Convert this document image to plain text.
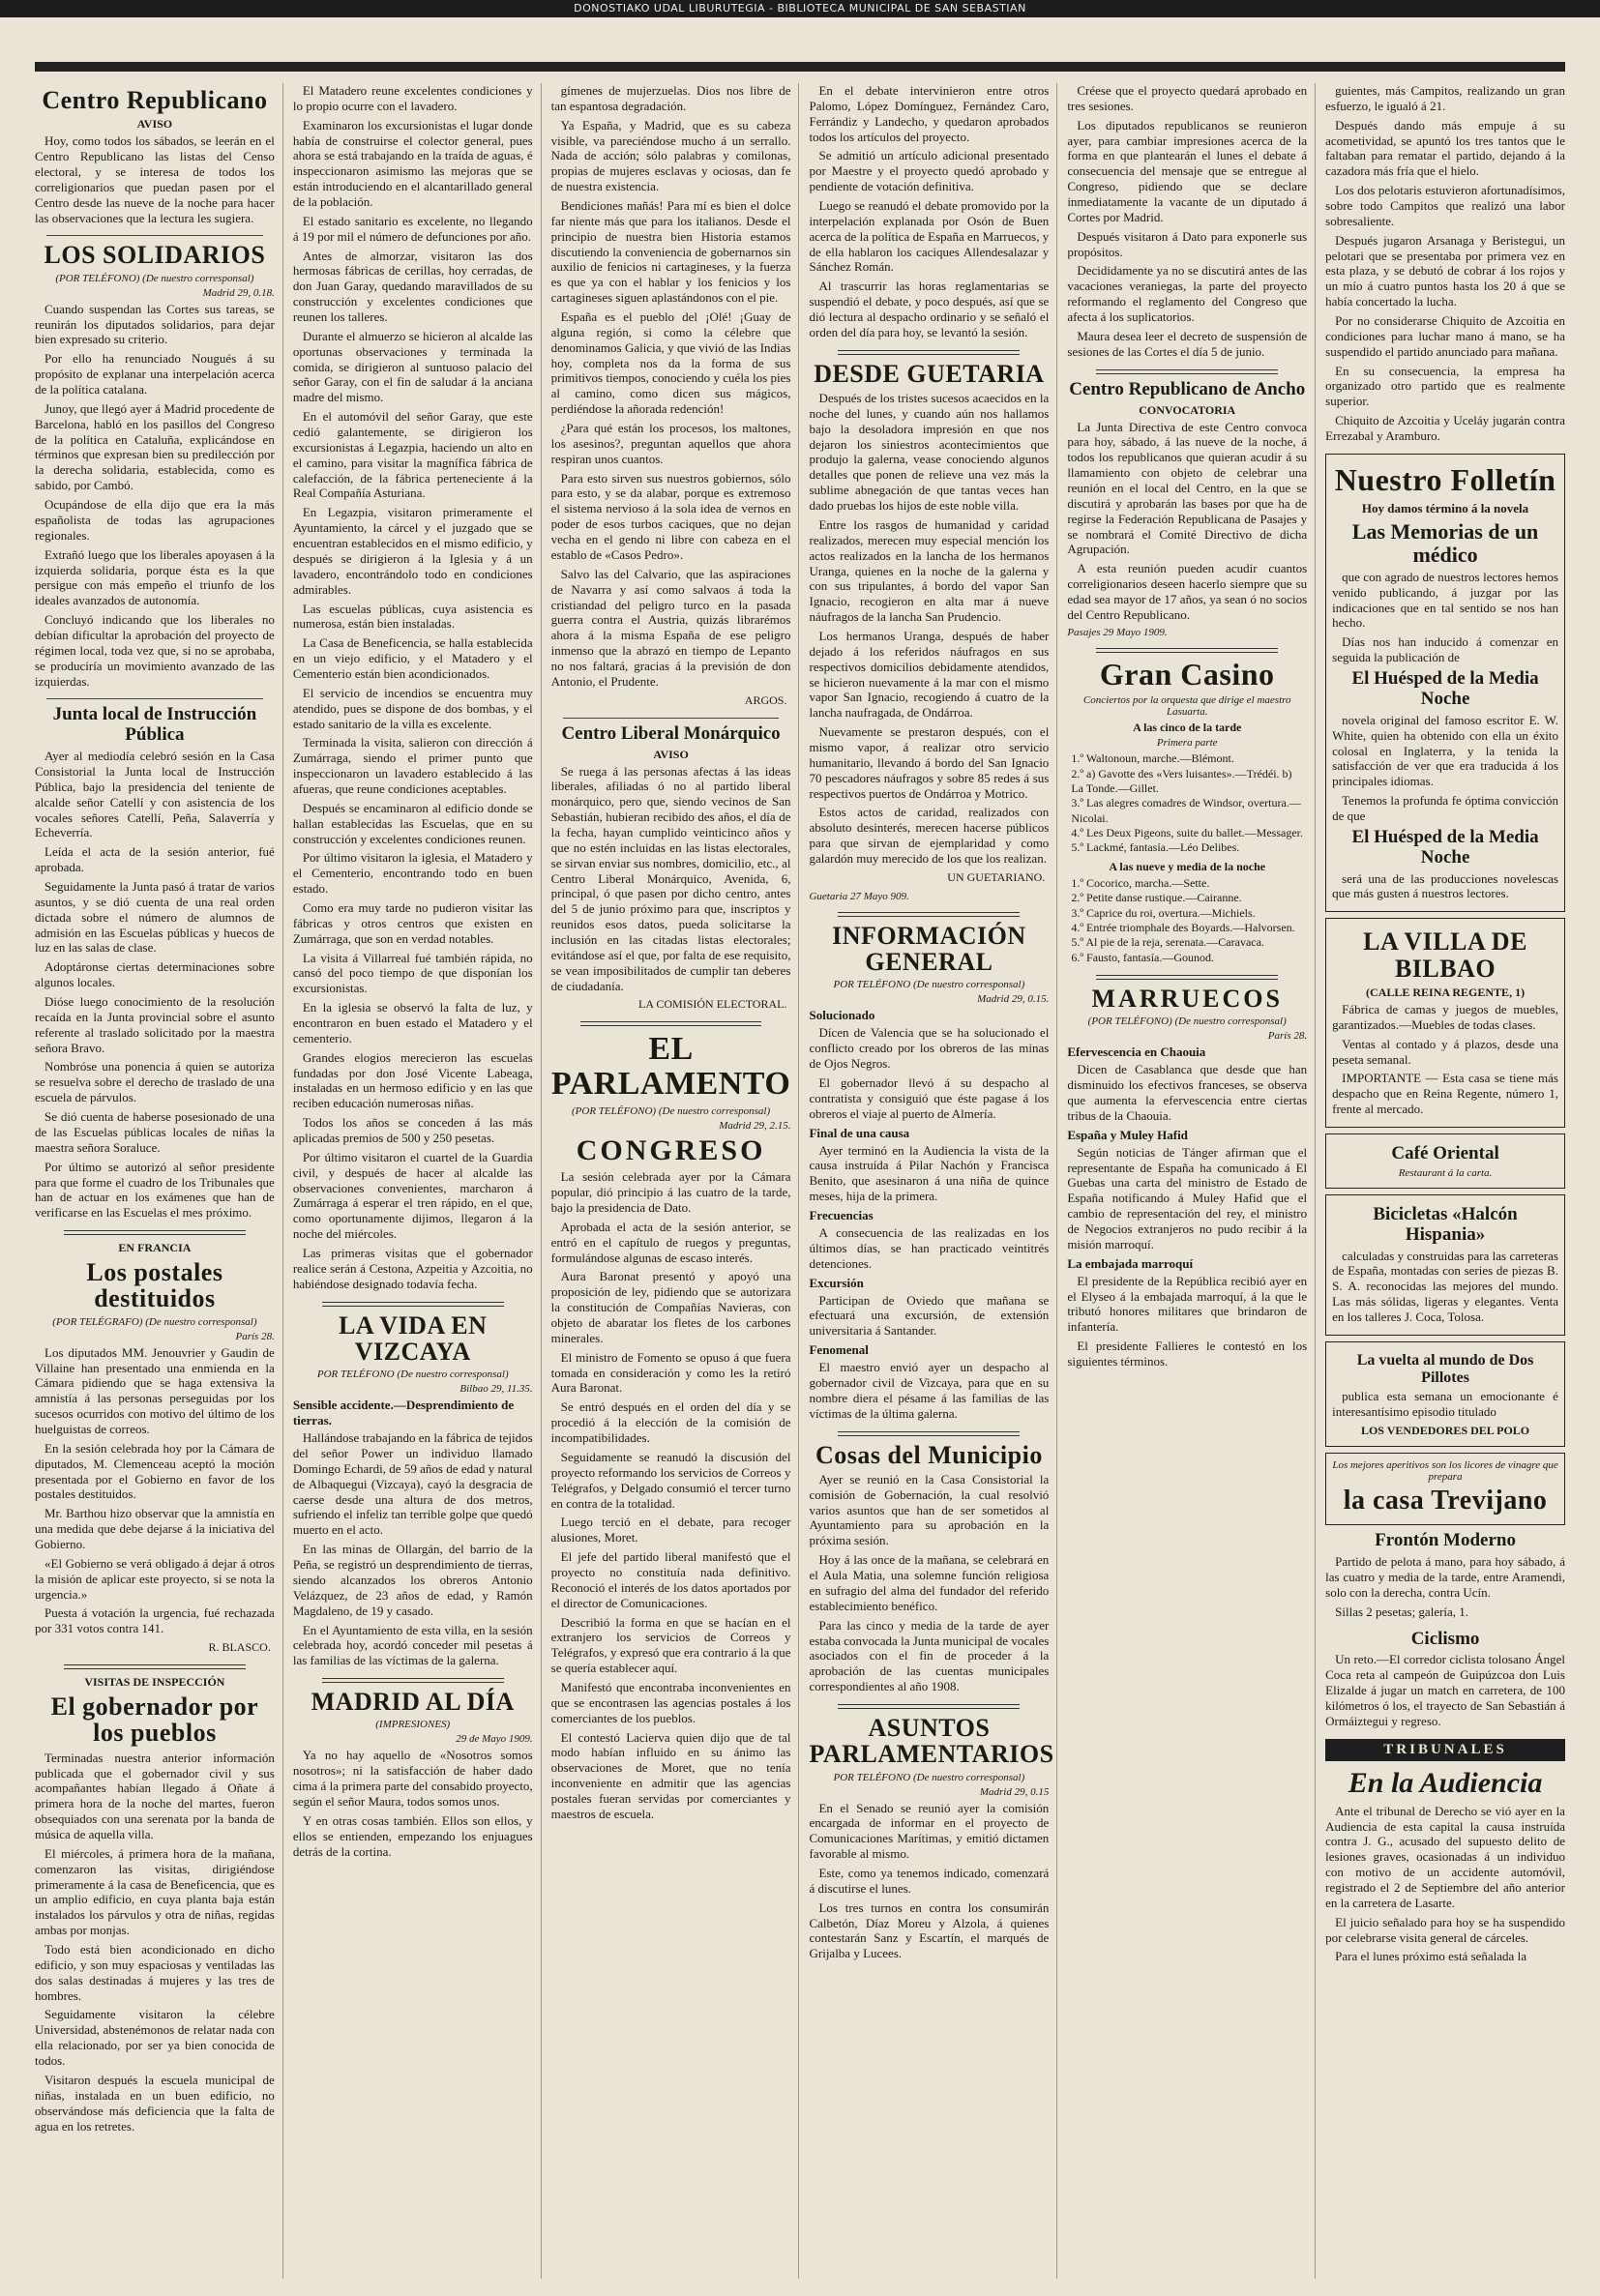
DONOSTIAKO UDAL LIBURUTEGIA - BIBLIOTECA MUNICIPAL DE SAN SEBASTIAN
Centro Republicano
AVISO

Hoy, como todos los sábados, se leerán en el Centro Republicano las listas del Censo electoral, y se interesa de todos los correligionarios que puedan pasen por el Centro desde las nueve de la noche para hacer las observaciones que la lectura les sugiera.

LOS SOLIDARIOS
(POR TELÉFONO) (De nuestro corresponsal)
Madrid 29, 0.18.

Cuando suspendan las Cortes sus tareas, se reunirán los diputados solidarios, para dejar bien expresado su criterio.

Por ello ha renunciado Nougués á su propósito de explanar una interpelación acerca de la política catalana.

Junoy, que llegó ayer á Madrid procedente de Barcelona, habló en los pasillos del Congreso de la política en Cataluña, explicándose en términos que expresan bien su predilección por la derecha solidaria, establecida, como es sabido, por Cambó.

Ocupándose de ella dijo que era la más españolista de todas las agrupaciones regionales.

Extrañó luego que los liberales apoyasen á la izquierda solidaria, porque ésta es la que persigue con más empeño el triunfo de los ideales avanzados de autonomía.

Concluyó indicando que los liberales no debían dificultar la aprobación del proyecto de régimen local, toda vez que, si no se aprobaba, se produciría un movimiento avanzado de las izquierdas.

Junta local de Instrucción Pública

Ayer al mediodía celebró sesión en la Casa Consistorial la Junta local de Instrucción Pública, bajo la presidencia del teniente de alcalde señor Catellí y con asistencia de los vocales señores Catellí, Peña, Salaverría y Echeverría.

Leída el acta de la sesión anterior, fué aprobada.

Seguidamente la Junta pasó á tratar de varios asuntos, y se dió cuenta de una real orden dictada sobre el número de alumnos de admisión en las Escuelas públicas y huecos de luz en las salas de clase.

Adoptáronse ciertas determinaciones sobre algunos locales.

Dióse luego conocimiento de la resolución recaída en la Junta provincial sobre el asunto referente al traslado solicitado por la maestra señora Bravo.

Nombróse una ponencia á quien se autoriza se resuelva sobre el derecho de traslado de una escuela de párvulos.

Se dió cuenta de haberse posesionado de una de las Escuelas públicas locales de niñas la maestra señora Soraluce.

Por último se autorizó al señor presidente para que forme el cuadro de los Tribunales que han de actuar en los exámenes que han de verificarse en las Escuelas el mes próximo.

EN FRANCIA
Los postales destituidos
(POR TELÉGRAFO) (De nuestro corresponsal)
París 28.

Los diputados MM. Jenouvrier y Gaudin de Villaine han presentado una enmienda en la Cámara pidiendo que se haga extensiva la amnistía á las personas perseguidas por los sucesos ocurridos con motivo del último de los huelguistas de correos.

En la sesión celebrada hoy por la Cámara de diputados, M. Clemenceau aceptó la moción presentada por el Gobierno en favor de los postales destituidos.

Mr. Barthou hizo observar que la amnistía en una medida que debe dejarse á la iniciativa del Gobierno.

«El Gobierno se verá obligado á dejar á otros la misión de aplicar este proyecto, si se nota la urgencia.»

Puesta á votación la urgencia, fué rechazada por 331 votos contra 141.

R. BLASCO.
VISITAS DE INSPECCIÓN
El gobernador por los pueblos

Terminadas nuestra anterior información publicada que el gobernador civil y sus acompañantes habían llegado á Oñate á primera hora de la noche del martes, fueron obsequiados con una serenata por la banda de música de aquella villa.

El miércoles, á primera hora de la mañana, comenzaron las visitas, dirigiéndose primeramente á la casa de Beneficencia, que es un amplio edificio, en cuya planta baja están instalados los párvulos y otra de niñas, regidas ambas por monjas.

Todo está bien acondicionado en dicho edificio, y son muy espaciosas y ventiladas las dos salas destinadas á mujeres y las tres de hombres.

Seguidamente visitaron la célebre Universidad, abstenémonos de relatar nada con ella relacionado, por ser ya bien conocida de todos.

Visitaron después la escuela municipal de niñas, instalada en un buen edificio, no observándose más deficiencia que la falta de agua en los retretes.

El Matadero reune excelentes condiciones y lo propio ocurre con el lavadero.

Examinaron los excursionistas el lugar donde había de construirse el colector general, pues ahora se está trabajando en la traída de aguas, é inspeccionaron asimismo las mejoras que se están introduciendo en el alcantarillado general de la población.

El estado sanitario es excelente, no llegando á 19 por mil el número de defunciones por año.

Antes de almorzar, visitaron las dos hermosas fábricas de cerillas, hoy cerradas, de don Juan Garay, quedando maravillados de su construcción y excelentes condiciones que reunen los talleres.

Durante el almuerzo se hicieron al alcalde las oportunas observaciones y terminada la comida, se dirigieron al suntuoso palacio del señor Garay, con el fin de saludar á la anciana madre del mismo.

En el automóvil del señor Garay, que este cedió galantemente, se dirigieron los excursionistas á Legazpia, haciendo un alto en el camino, para visitar la magnífica fábrica de calefacción, de la fábrica perteneciente á la Real Compañía Asturiana.

En Legazpia, visitaron primeramente el Ayuntamiento, la cárcel y el juzgado que se encuentran establecidos en el mismo edificio, y después se dirigieron á la Iglesia y á un lavadero, encontrándolo todo en condiciones admirables.

Las escuelas públicas, cuya asistencia es numerosa, están bien instaladas.

La Casa de Beneficencia, se halla establecida en un viejo edificio, y el Matadero y el Cementerio están bien acondicionados.

El servicio de incendios se encuentra muy atendido, pues se dispone de dos bombas, y el estado sanitario de la villa es excelente.

Terminada la visita, salieron con dirección á Zumárraga, siendo el primer punto que inspeccionaron un lavadero establecido á las afueras, que reune condiciones aceptables.

Después se encaminaron al edificio donde se hallan establecidas las Escuelas, que en su construcción y excelentes condiciones reunen.

Por último visitaron la iglesia, el Matadero y el Cementerio, encontrando todo en buen estado.

Como era muy tarde no pudieron visitar las fábricas y otros centros que existen en Zumárraga, que son en verdad notables.

La visita á Villarreal fué también rápida, no cansó del poco tiempo de que disponían los excursionistas.

En la iglesia se observó la falta de luz, y encontraron en buen estado el Matadero y el cementerio.

Grandes elogios merecieron las escuelas fundadas por don José Vicente Labeaga, instaladas en un hermoso edificio y en las que reciben educación numerosas niñas.

Todos los años se conceden á las más aplicadas premios de 500 y 250 pesetas.

Por último visitaron el cuartel de la Guardia civil, y después de hacer al alcalde las observaciones convenientes, marcharon á Zumárraga á esperar el tren rápido, en el que, como oportunamente dijimos, llegaron á la noche del miércoles.

Las primeras visitas que el gobernador realice serán á Cestona, Azpeitia y Azcoitia, no habiéndose designado todavía fecha.

LA VIDA EN VIZCAYA
POR TELÉFONO (De nuestro corresponsal)
Bilbao 29, 11.35.
Sensible accidente.—Desprendimiento de tierras.

Hallándose trabajando en la fábrica de tejidos del señor Power un individuo llamado Domingo Echardi, de 59 años de edad y natural de Albaquegui (Vizcaya), cayó la desgracia de caerse desde una altura de dos metros, sufriendo el infeliz tan terrible golpe que quedó muerto en el acto.

En las minas de Ollargán, del barrio de la Peña, se registró un desprendimiento de tierras, siendo alcanzados los obreros Antonio Velázquez, de 23 años de edad, y Ramón Magdaleno, de 19 y casado.

En el Ayuntamiento de esta villa, en la sesión celebrada hoy, acordó conceder mil pesetas á las familias de las víctimas de la galerna.

MADRID AL DÍA
(IMPRESIONES)
29 de Mayo 1909.

Ya no hay aquello de «Nosotros somos nosotros»; ni la satisfacción de haber dado cima á la primera parte del consabido proyecto, según el señor Maura, todos somos unos.

Y en otras cosas también. Ellos son ellos, y ellos se entienden, empezando los enjuagues detrás de la cortina.

gímenes de mujerzuelas. Dios nos libre de tan espantosa degradación.

Ya España, y Madrid, que es su cabeza visible, va pareciéndose mucho á un serrallo. Nada de acción; sólo palabras y comilonas, propias de mujeres esclavas y ociosas, dan fe de nuestra existencia.

Bendiciones mañás! Para mí es bien el dolce far niente más que para los italianos. Desde el principio de nuestra bien Historia estamos discutiendo la conveniencia de gobernarnos sin auxilio de fenicios ni cartagineses, y la fuerza es que ya con el hablar y los fenicios y los cartagineses siguen aplastándonos con el pie.

España es el pueblo del ¡Olé! ¡Guay de alguna región, si como la célebre que denominamos Galicia, y que vivió de las Indias hoy, completa nos da la forma de sus primitivos tiempos, conociendo y cuéla los pies al camino, como dicen sus mágicos, perdiéndose la añorada redención!

¿Para qué están los procesos, los maltones, los asesinos?, preguntan aquellos que ahora respiran unos cuantos.

Para esto sirven sus nuestros gobiernos, sólo para esto, y se da alabar, porque es extremoso el sistema nervioso á la sola idea de vernos en poder de esos turbos caciques, que no dejan vecha en el gendo ni libre con cabeza en el establo de «Casos Pedro».

Salvo las del Calvario, que las aspiraciones de Navarra y así como salvaos á toda la cristiandad del peligro turco en la pasada guerra contra el Austria, quizás librarémos ahora á la misma España de ese peligro inmenso que la abrazó en tiempo de Lepanto no nos faltará, gracias á la previsión de don Antonio, el Prudente.

ARGOS.
Centro Liberal Monárquico
AVISO

Se ruega á las personas afectas á las ideas liberales, afiliadas ó no al partido liberal monárquico, pero que, siendo vecinos de San Sebastián, hubieran recibido des años, el día de la fecha, hayan cumplido veinticinco años y que no estén incluidas en las listas electorales, se sirvan enviar sus nombres, domicilio, etc., al Centro Liberal Monárquico, Avenida, 6, principal, ó que pasen por dicho centro, antes del 5 de junio próximo para que, inscriptos y reunidos esos datos, pueda solicitarse la inclusión en las citadas listas electorales; evitándose así el que, por falta de ese requisito, se vean imposibilitados de cumplir tan deberes de ciudadanía.

LA COMISIÓN ELECTORAL.
EL PARLAMENTO
(POR TELÉFONO) (De nuestro corresponsal)
Madrid 29, 2.15.
CONGRESO

La sesión celebrada ayer por la Cámara popular, dió principio á las cuatro de la tarde, bajo la presidencia de Dato.

Aprobada el acta de la sesión anterior, se entró en el capítulo de ruegos y preguntas, formulándose algunas de escaso interés.

Aura Baronat presentó y apoyó una proposición de ley, pidiendo que se autorizara la constitución de Compañías Navieras, con objeto de abaratar los fletes de los carbones minerales.

El ministro de Fomento se opuso á que fuera tomada en consideración y como les la retiró Aura Baronat.

Se entró después en el orden del día y se procedió á la elección de la comisión de incompatibilidades.

Seguidamente se reanudó la discusión del proyecto reformando los servicios de Correos y Telégrafos, y Delgado consumió el tercer turno en contra de la totalidad.

Luego terció en el debate, para recoger alusiones, Moret.

El jefe del partido liberal manifestó que el proyecto no constituía nada definitivo. Reconoció el interés de los datos aportados por el director de Comunicaciones.

Describió la forma en que se hacían en el extranjero los servicios de Correos y Telégrafos, y expresó que era contrario á la que se quería establecer aquí.

Manifestó que encontraba inconvenientes en que se encontrasen las agencias postales á los comerciantes de los pueblos.

El contestó Lacierva quien dijo que de tal modo habían influido en su ánimo las observaciones de Moret, que no tenía inconveniente en admitir que las agencias postales fueran servidas por comerciantes y maestros de escuela.

En el debate intervinieron entre otros Palomo, López Domínguez, Fernández Caro, Ferrándiz y Landecho, y quedaron aprobados todos los artículos del proyecto.

Se admitió un artículo adicional presentado por Maestre y el proyecto quedó aprobado y pendiente de votación definitiva.

Luego se reanudó el debate promovido por la interpelación explanada por Osón de Buen acerca de la política de España en Marruecos, y de ella hablaron los caciques Allendesalazar y Sánchez Román.

Al trascurrir las horas reglamentarias se suspendió el debate, y poco después, así que se dió lectura al despacho ordinario y se señaló el orden del día para hoy, se levantó la sesión.

DESDE GUETARIA

Después de los tristes sucesos acaecidos en la noche del lunes, y cuando aún nos hallamos bajo la desoladora impresión en que nos dejaron los siniestros acontecimientos que produjo la galerna, vease conociendo algunos detalles que ponen de relieve una vez más la sublime abnegación de que tantas veces han dado pruebas los hijos de este noble villa.

Entre los rasgos de humanidad y caridad realizados, merecen muy especial mención los actos realizados en la lancha de los hermanos Uranga, quienes en la noche de la galerna y con sus tripulantes, á bordo del vapor San Ignacio, recogieron en alta mar á nueve náufragos de la lancha San Prudencio.

Los hermanos Uranga, después de haber dejado á los referidos náufragos en sus respectivos domicilios debidamente atendidos, se hicieron nuevamente á la mar con el mismo vapor San Ignacio, recogiendo á cuatro de la lancha naufragada, de Ondárroa.

Nuevamente se prestaron después, con el mismo vapor, á realizar otro servicio humanitario, llevando á bordo del San Ignacio 70 pescadores náufragos y sobre 85 redes á sus respectivos puertos de Ondárroa y Motrico.

Estos actos de caridad, realizados con absoluto desinterés, merecen hacerse públicos para que sirvan de ejemplaridad y como galardón muy merecido de los que los realizan.

UN GUETARIANO.
Guetaria 27 Mayo 909.
INFORMACIÓN GENERAL
POR TELÉFONO (De nuestro corresponsal)
Madrid 29, 0.15.
Solucionado

Dícen de Valencia que se ha solucionado el conflicto creado por los obreros de las minas de Ojos Negros.

El gobernador llevó á su despacho al contratista y consiguió que éste pagase á los obreros el viaje al puerto de Almería.

Final de una causa

Ayer terminó en la Audiencia la vista de la causa instruída á Pilar Nachón y Francisca Benito, que asesinaron á una niña de quince meses, hija de la primera.

Frecuencias

A consecuencia de las realizadas en los últimos días, se han practicado veintitrés detenciones.

Excursión

Participan de Oviedo que mañana se efectuará una excursión, de extensión universitaria á Santander.

Fenomenal

El maestro envió ayer un despacho al gobernador civil de Vizcaya, para que en su nombre diera el pésame á las familias de las víctimas de la última galerna.

Cosas del Municipio

Ayer se reunió en la Casa Consistorial la comisión de Gobernación, la cual resolvió varios asuntos que han de ser sometidos al Ayuntamiento para su aprobación en la próxima sesión.

Hoy á las once de la mañana, se celebrará en el Aula Matia, una solemne función religiosa en sufragio del alma del fundador del referido establecimiento benéfico.

Para las cinco y media de la tarde de ayer estaba convocada la Junta municipal de vocales asociados con el fin de proceder á la aprobación de las cuentas municipales correspondientes al año 1908.

ASUNTOS PARLAMENTARIOS
POR TELÉFONO (De nuestro corresponsal)
Madrid 29, 0.15

En el Senado se reunió ayer la comisión encargada de informar en el proyecto de Comunicaciones Marítimas, y emitió dictamen favorable al mismo.

Este, como ya tenemos indicado, comenzará á discutirse el lunes.

Los tres turnos en contra los consumirán Calbetón, Díaz Moreu y Alzola, á quienes contestarán Sanz y Escartín, el marqués de Grijalba y Lucees.

Créese que el proyecto quedará aprobado en tres sesiones.

Los diputados republicanos se reunieron ayer, para cambiar impresiones acerca de la forma en que plantearán el lunes el debate á consecuencia del mensaje que se entregue al Congreso, pidiendo que se declare inmediatamente la vacante de un diputado á Cortes por Madrid.

Después visitaron á Dato para exponerle sus propósitos.

Decididamente ya no se discutirá antes de las vacaciones veraniegas, la parte del proyecto reformando el reglamento del Congreso que afecta á los suplicatorios.

Maura desea leer el decreto de suspensión de sesiones de las Cortes el día 5 de junio.

Centro Republicano de Ancho
CONVOCATORIA

La Junta Directiva de este Centro convoca para hoy, sábado, á las nueve de la noche, á todos los republicanos que quieran acudir á su llamamiento con objeto de celebrar una reunión en el local del Centro, en la que se discutirá y aprobarán las bases por que ha de regirse la Federación Republicana de Pasajes y se nombrará el Comité Directivo de dicha Agrupación.

A esta reunión pueden acudir cuantos correligionarios deseen hacerlo siempre que su edad sea mayor de 17 años, ya sean ó no socios del Centro Republicano.

Pasajes 29 Mayo 1909.
Gran Casino
Conciertos por la orquesta que dirige el maestro Lasuarta.
A las cinco de la tarde
Primera parte
1.º Waltonoun, marche.—Blémont.
2.º a) Gavotte des «Vers luisantes».—Trédéi. b) La Tonde.—Gillet.
3.º Las alegres comadres de Windsor, overtura.—Nicolai.
4.º Les Deux Pigeons, suite du ballet.—Messager.
5.º Lackmé, fantasía.—Léo Delibes.
A las nueve y media de la noche
1.º Cocorico, marcha.—Sette.
2.º Petite danse rustique.—Cairanne.
3.º Caprice du roi, overtura.—Michiels.
4.º Entrée triomphale des Boyards.—Halvorsen.
5.º Al pie de la reja, serenata.—Caravaca.
6.º Fausto, fantasía.—Gounod.
MARRUECOS
(POR TELÉFONO) (De nuestro corresponsal)
París 28.
Efervescencia en Chaouia

Dicen de Casablanca que desde que han disminuido los efectivos franceses, se observa que aumenta la efervescencia entre ciertas tribus de la Chaouia.

España y Muley Hafid

Según noticias de Tánger afirman que el representante de España ha comunicado á El Guebas una carta del ministro de Estado de España notificando á Muley Hafid que el cambio de representación del rey, el ministro de Negocios extranjeros no pudo recibir á la misión marroquí.

La embajada marroquí

El presidente de la República recibió ayer en el Elyseo á la embajada marroquí, á la que le tributó honores militares que brindaron de infantería.

El presidente Fallieres le contestó en los siguientes términos.

guientes, más Campitos, realizando un gran esfuerzo, le igualó á 21.

Después dando más empuje á su acometividad, se apuntó los tres tantos que le faltaban para rematar el partido, dejando á la cazadora más fría que el hielo.

Los dos pelotaris estuvieron afortunadísimos, sobre todo Campitos que realizó una labor sobresaliente.

Después jugaron Arsanaga y Beristegui, un pelotari que se presentaba por primera vez en esta plaza, y se debutó de cobrar á los rojos y un mío á cuatro puntos hasta los 20 á que se había concertado la lucha.

Por no considerarse Chiquito de Azcoitia en condiciones para luchar mano á mano, se ha suspendido el partido anunciado para mañana.

En su consecuencia, la empresa ha organizado otro partido que es realmente superior.

Chiquito de Azcoitia y Uceláy jugarán contra Errezabal y Aramburo.

Nuestro Folletín
Hoy damos término á la novela
Las Memorias de un médico

que con agrado de nuestros lectores hemos venido publicando, á juzgar por las indicaciones que en tal sentido se nos han hecho.

Días nos han inducido á comenzar en seguida la publicación de

El Huésped de la Media Noche

novela original del famoso escritor E. W. White, quien ha obtenido con ella un éxito colosal en Inglaterra, y la tenida la satisfacción de ver que era traducida á los principales idiomas.

Tenemos la profunda fe óptima convicción de que

El Huésped de la Media Noche

será una de las producciones novelescas que más gusten á nuestros lectores.

LA VILLA DE BILBAO
(CALLE REINA REGENTE, 1)

Fábrica de camas y juegos de muebles, garantizados.—Muebles de todas clases.

Ventas al contado y á plazos, desde una peseta semanal.

IMPORTANTE — Esta casa se tiene más despacho que en Reina Regente, número 1, frente al mercado.

Café Oriental
Restaurant á la carta.
Bicicletas «Halcón Hispania»

calculadas y construidas para las carreteras de España, montadas con series de piezas B. S. A. reconocidas las mejores del mundo. Las más sólidas, ligeras y elegantes. Venta en los talleres J. Coca, Tolosa.

La vuelta al mundo de Dos Pillotes

publica esta semana un emocionante é interesantísimo episodio titulado

LOS VENDEDORES DEL POLO
Los mejores aperitivos son los licores de vinagre que prepara
la casa Trevijano
Frontón Moderno

Partido de pelota á mano, para hoy sábado, á las cuatro y media de la tarde, entre Aramendi, solo con la derecha, contra Ucín.

Sillas 2 pesetas; galería, 1.

Ciclismo

Un reto.—El corredor ciclista tolosano Ángel Coca reta al campeón de Guipúzcoa don Luis Elizalde á jugar un match en carretera, de 100 kilómetros ó los, el trayecto de San Sebastián á Ormáiztegui y regreso.

TRIBUNALES
En la Audiencia

Ante el tribunal de Derecho se vió ayer en la Audiencia de esta capital la causa instruída contra J. G., acusado del supuesto delito de lesiones graves, ocasionadas á un individuo con motivo de un accidente automóvil, registrado el 2 de Septiembre del año anterior en la carretera de Lasarte.

El juicio señalado para hoy se ha suspendido por celebrarse visita general de cárceles.

Para el lunes próximo está señalada la
